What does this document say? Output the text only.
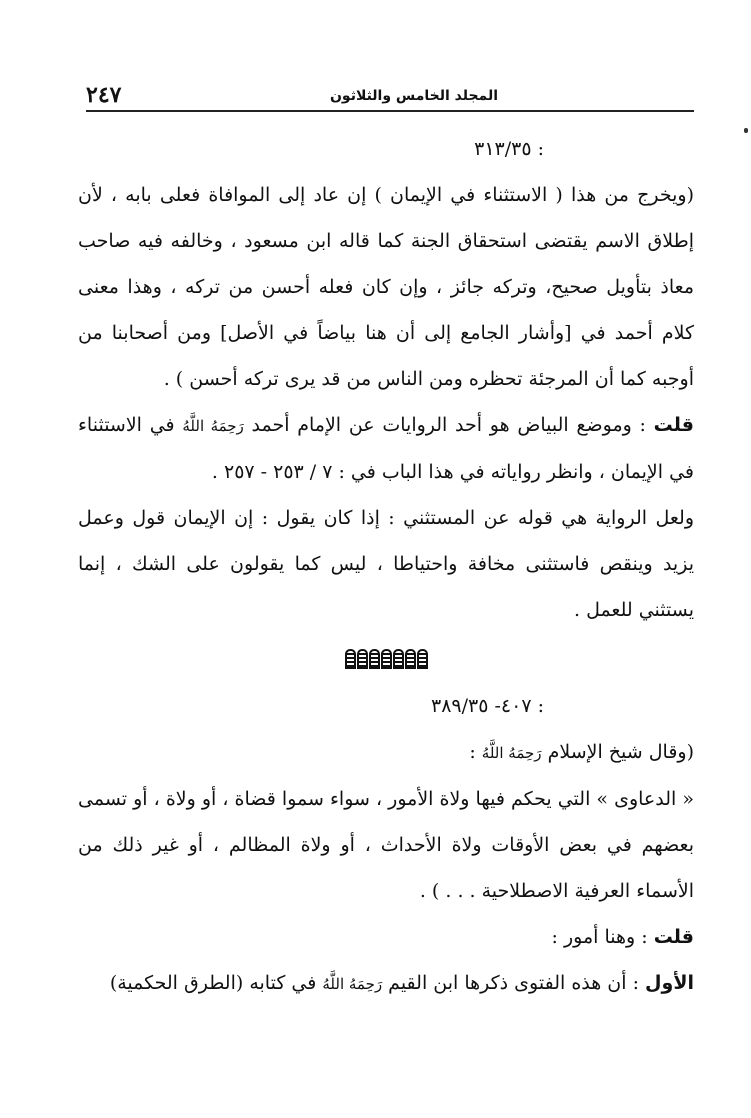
المجلد الخامس والثلاثون
٢٤٧

: ٣١٣/٣٥

(ويخرج من هذا ( الاستثناء في الإيمان ) إن عاد إلى الموافاة فعلى بابه ، لأن إطلاق الاسم يقتضى استحقاق الجنة كما قاله ابن مسعود ، وخالفه فيه صاحب معاذ بتأويل صحيح، وتركه جائز ، وإن كان فعله أحسن من تركه ، وهذا معنى كلام أحمد في [وأشار الجامع إلى أن هنا بياضاً في الأصل] ومن أصحابنا من أوجبه كما أن المرجئة تحظره ومن الناس من قد يرى تركه أحسن ) .

قلت : وموضع البياض هو أحد الروايات عن الإمام أحمد رَحِمَهُ اللَّهُ في الاستثناء في الإيمان ، وانظر رواياته في هذا الباب في : ٧ / ٢٥٣ - ٢٥٧ .

ولعل الرواية هي قوله عن المستثني : إذا كان يقول : إن الإيمان قول وعمل يزيد وينقص فاستثنى مخافة واحتياطا ، ليس كما يقولون على الشك ، إنما يستثني للعمل .

: ٤٠٧- ٣٨٩/٣٥

(وقال شيخ الإسلام رَحِمَهُ اللَّهُ :

« الدعاوى » التي يحكم فيها ولاة الأمور ، سواء سموا قضاة ، أو ولاة ، أو تسمى بعضهم في بعض الأوقات ولاة الأحداث ، أو ولاة المظالم ، أو غير ذلك من الأسماء العرفية الاصطلاحية . . . ) .

قلت : وهنا أمور :

الأول : أن هذه الفتوى ذكرها ابن القيم رَحِمَهُ اللَّهُ في كتابه (الطرق الحكمية)
